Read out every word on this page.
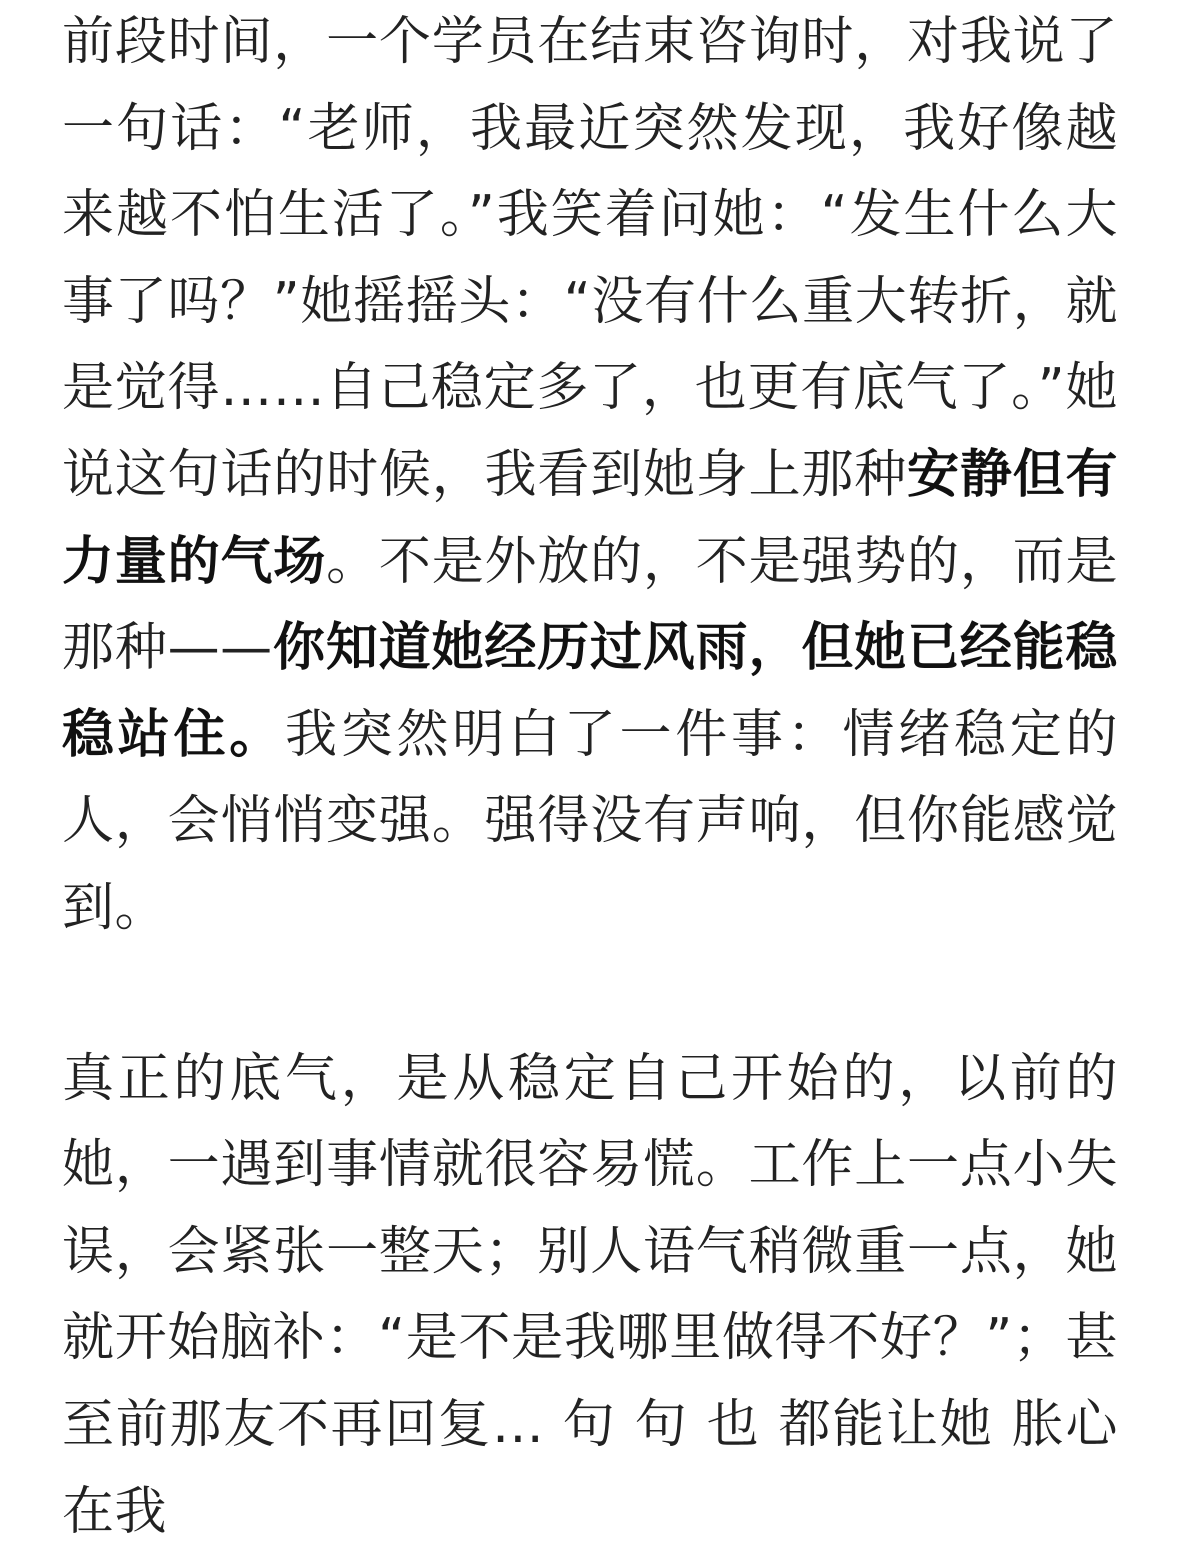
前段时间，一个学员在结束咨询时，对我说了一句话：“老师，我最近突然发现，我好像越来越不怕生活了。”我笑着问她：“发生什么大事了吗？”她摇摇头：“没有什么重大转折，就是觉得……自己稳定多了，也更有底气了。”她说这句话的时候，我看到她身上那种安静但有力量的气场。不是外放的，不是强势的，而是那种——你知道她经历过风雨，但她已经能稳稳站住。我突然明白了一件事：情绪稳定的人，会悄悄变强。强得没有声响，但你能感觉到。

真正的底气，是从稳定自己开始的，以前的她，一遇到事情就很容易慌。工作上一点小失误，会紧张一整天；别人语气稍微重一点，她就开始脑补：“是不是我哪里做得不好？”；甚至前那友不再回复… 句 句 也 都能让她 胀心 在我
